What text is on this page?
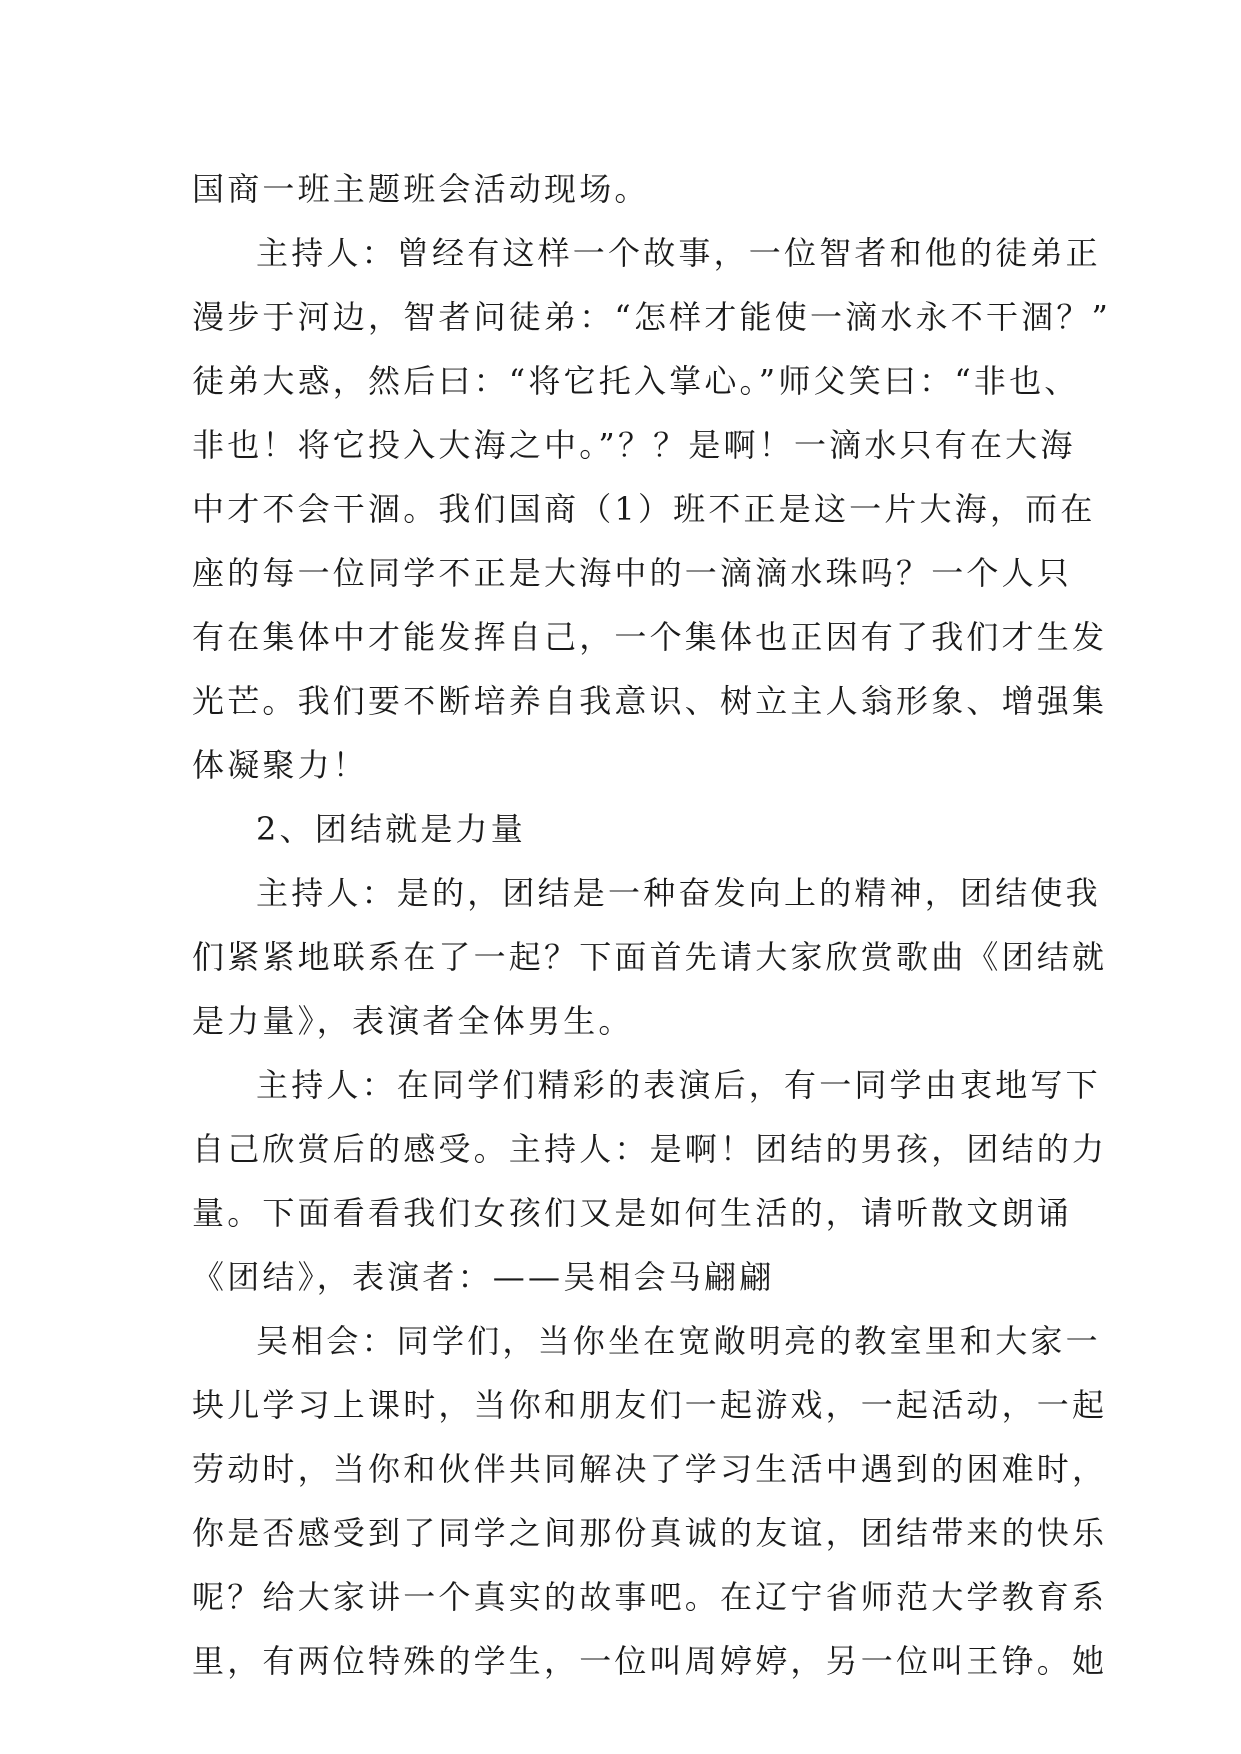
国商一班主题班会活动现场。
主持人：曾经有这样一个故事，一位智者和他的徒弟正
漫步于河边，智者问徒弟：“怎样才能使一滴水永不干涸？”
徒弟大惑，然后曰：“将它托入掌心。”师父笑曰：“非也、
非也！将它投入大海之中。”？？是啊！一滴水只有在大海
中才不会干涸。我们国商（1）班不正是这一片大海，而在
座的每一位同学不正是大海中的一滴滴水珠吗？一个人只
有在集体中才能发挥自己，一个集体也正因有了我们才生发
光芒。我们要不断培养自我意识、树立主人翁形象、增强集
体凝聚力！
2、团结就是力量
主持人：是的，团结是一种奋发向上的精神，团结使我
们紧紧地联系在了一起？下面首先请大家欣赏歌曲《团结就
是力量》，表演者全体男生。
主持人：在同学们精彩的表演后，有一同学由衷地写下
自己欣赏后的感受。主持人：是啊！团结的男孩，团结的力
量。下面看看我们女孩们又是如何生活的，请听散文朗诵
《团结》，表演者：——吴相会马翩翩
吴相会：同学们，当你坐在宽敞明亮的教室里和大家一
块儿学习上课时，当你和朋友们一起游戏，一起活动，一起
劳动时，当你和伙伴共同解决了学习生活中遇到的困难时，
你是否感受到了同学之间那份真诚的友谊，团结带来的快乐
呢？给大家讲一个真实的故事吧。在辽宁省师范大学教育系
里，有两位特殊的学生，一位叫周婷婷，另一位叫王铮。她
